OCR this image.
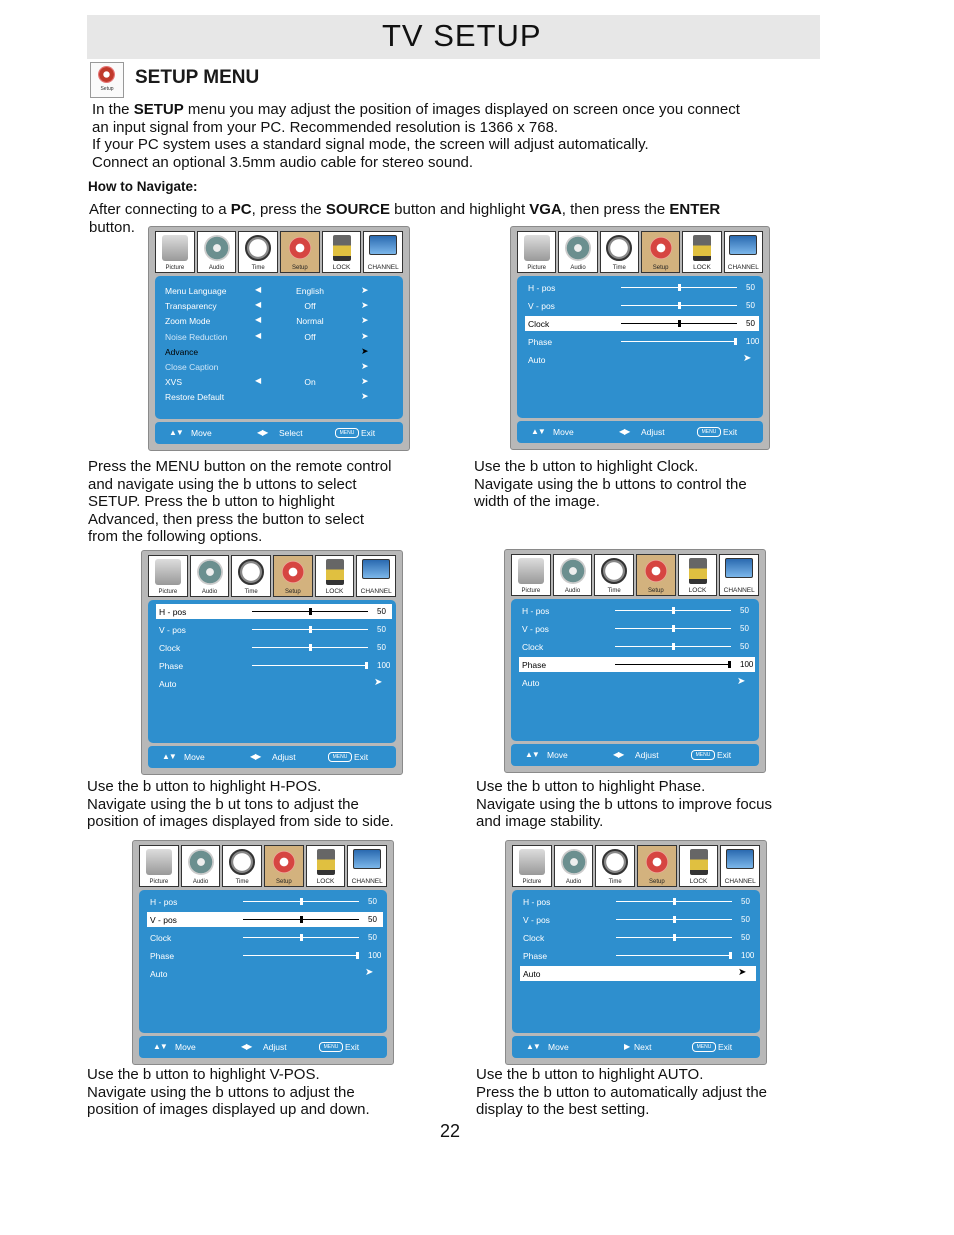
TV SETUP
Setup
SETUP MENU

In the SETUP menu you may adjust the position of images displayed on screen once you connect

an input signal from your PC. Recommended resolution is 1366 x 768.

If your PC system uses a standard signal mode, the screen will adjust automatically.

Connect an optional 3.5mm audio cable for stereo sound.

How to Navigate:
After connecting to a PC, press the SOURCE button and highlight VGA, then press the ENTER
button.
Picture	Audio	Time	Setup	LOCK	CHANNEL
Menu Language	◀	English	➤
Transparency	◀	Off	➤
Zoom Mode	◀	Normal	➤
Noise Reduction	◀	Off	➤
Advance	➤
Close Caption	➤
XVS	◀	On	➤
Restore Default	➤
▲▼ Move	◀▶ Select	MENU Exit
Picture	Audio	Time	Setup	LOCK	CHANNEL
H - pos	50
V - pos	50
Clock	50
Phase	100
Auto	➤
▲▼ Move	◀▶ Adjust	MENU Exit
Picture	Audio	Time	Setup	LOCK	CHANNEL
H - pos	50
V - pos	50
Clock	50
Phase	100
Auto	➤
▲▼ Move	◀▶ Adjust	MENU Exit
Picture	Audio	Time	Setup	LOCK	CHANNEL
H - pos	50
V - pos	50
Clock	50
Phase	100
Auto	➤
▲▼ Move	◀▶ Adjust	MENU Exit
Picture	Audio	Time	Setup	LOCK	CHANNEL
H - pos	50
V - pos	50
Clock	50
Phase	100
Auto	➤
▲▼ Move	◀▶ Adjust	MENU Exit
Picture	Audio	Time	Setup	LOCK	CHANNEL
H - pos	50
V - pos	50
Clock	50
Phase	100
Auto	➤
▲▼ Move	▶ Next	MENU Exit

Press the MENU button on the remote control

and navigate using the b uttons to select

SETUP. Press the b utton to highlight

Advanced, then press the button to select

from the following options.

Use the b utton to highlight Clock.

Navigate using the b uttons to control the

width of the image.

Use the b utton to highlight H-POS.

Navigate using the b ut tons to adjust the

position of images displayed from side to side.

Use the b utton to highlight Phase.

Navigate using the b uttons to improve focus

and image stability.

Use the b utton to highlight V-POS.

Navigate using the b uttons to adjust the

position of images displayed up and down.

Use the b utton to highlight AUTO.

Press the b utton to automatically adjust the

display to the best setting.

22
